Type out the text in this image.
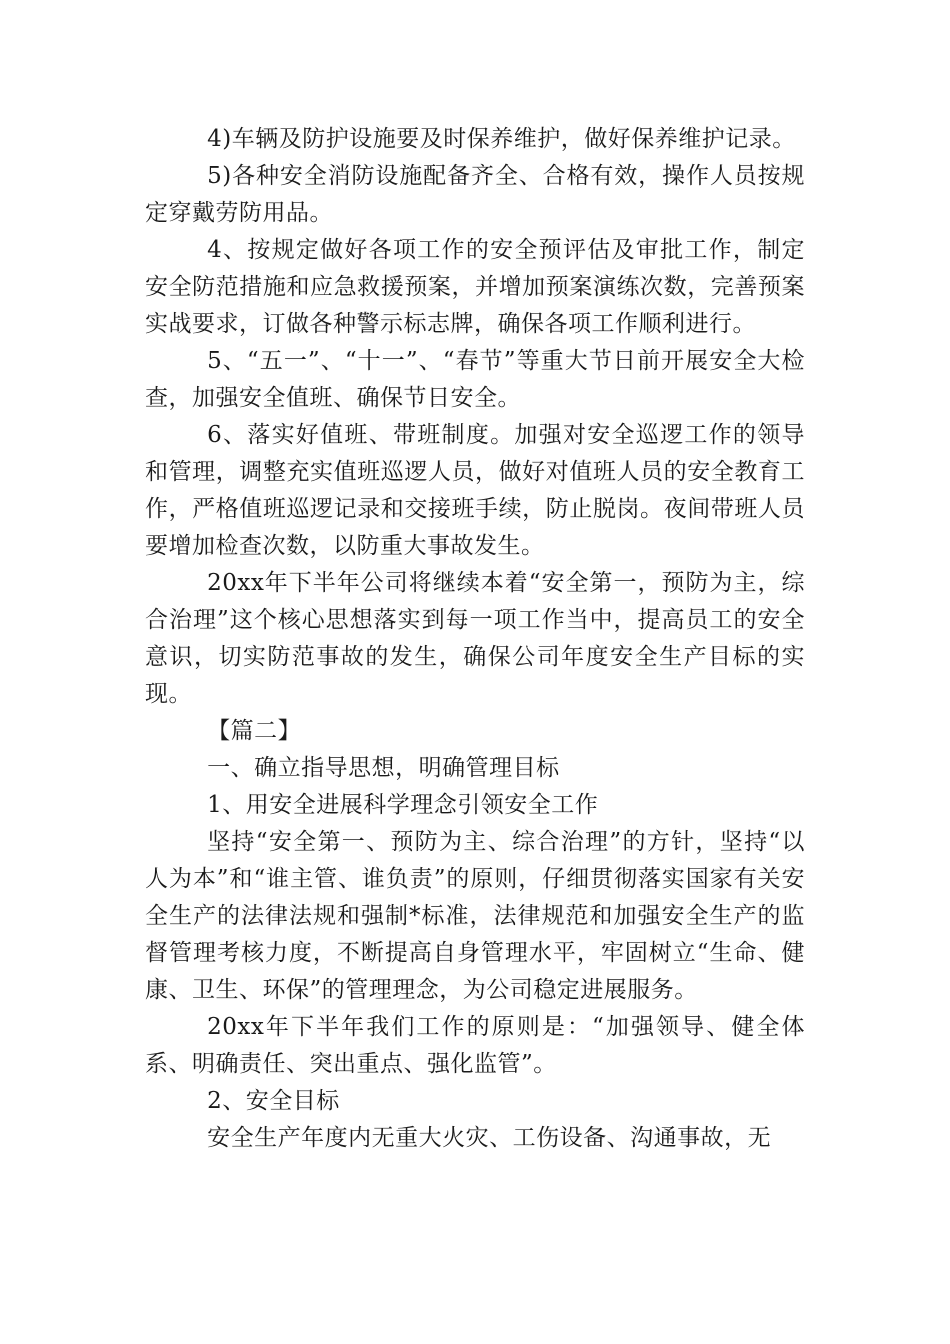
4)车辆及防护设施要及时保养维护，做好保养维护记录。

5)各种安全消防设施配备齐全、合格有效，操作人员按规定穿戴劳防用品。

4、按规定做好各项工作的安全预评估及审批工作，制定安全防范措施和应急救援预案，并增加预案演练次数，完善预案实战要求，订做各种警示标志牌，确保各项工作顺利进行。

5、“五一”、“十一”、“春节”等重大节日前开展安全大检查，加强安全值班、确保节日安全。

6、落实好值班、带班制度。加强对安全巡逻工作的领导和管理，调整充实值班巡逻人员，做好对值班人员的安全教育工作，严格值班巡逻记录和交接班手续，防止脱岗。夜间带班人员要增加检查次数，以防重大事故发生。

20xx年下半年公司将继续本着“安全第一，预防为主，综合治理”这个核心思想落实到每一项工作当中，提高员工的安全意识，切实防范事故的发生，确保公司年度安全生产目标的实现。

【篇二】

一、确立指导思想，明确管理目标

1、用安全进展科学理念引领安全工作

坚持“安全第一、预防为主、综合治理”的方针，坚持“以人为本”和“谁主管、谁负责”的原则，仔细贯彻落实国家有关安全生产的法律法规和强制*标准，法律规范和加强安全生产的监督管理考核力度，不断提高自身管理水平，牢固树立“生命、健康、卫生、环保”的管理理念，为公司稳定进展服务。

20xx年下半年我们工作的原则是：“加强领导、健全体系、明确责任、突出重点、强化监管”。

2、安全目标

安全生产年度内无重大火灾、工伤设备、沟通事故，无
